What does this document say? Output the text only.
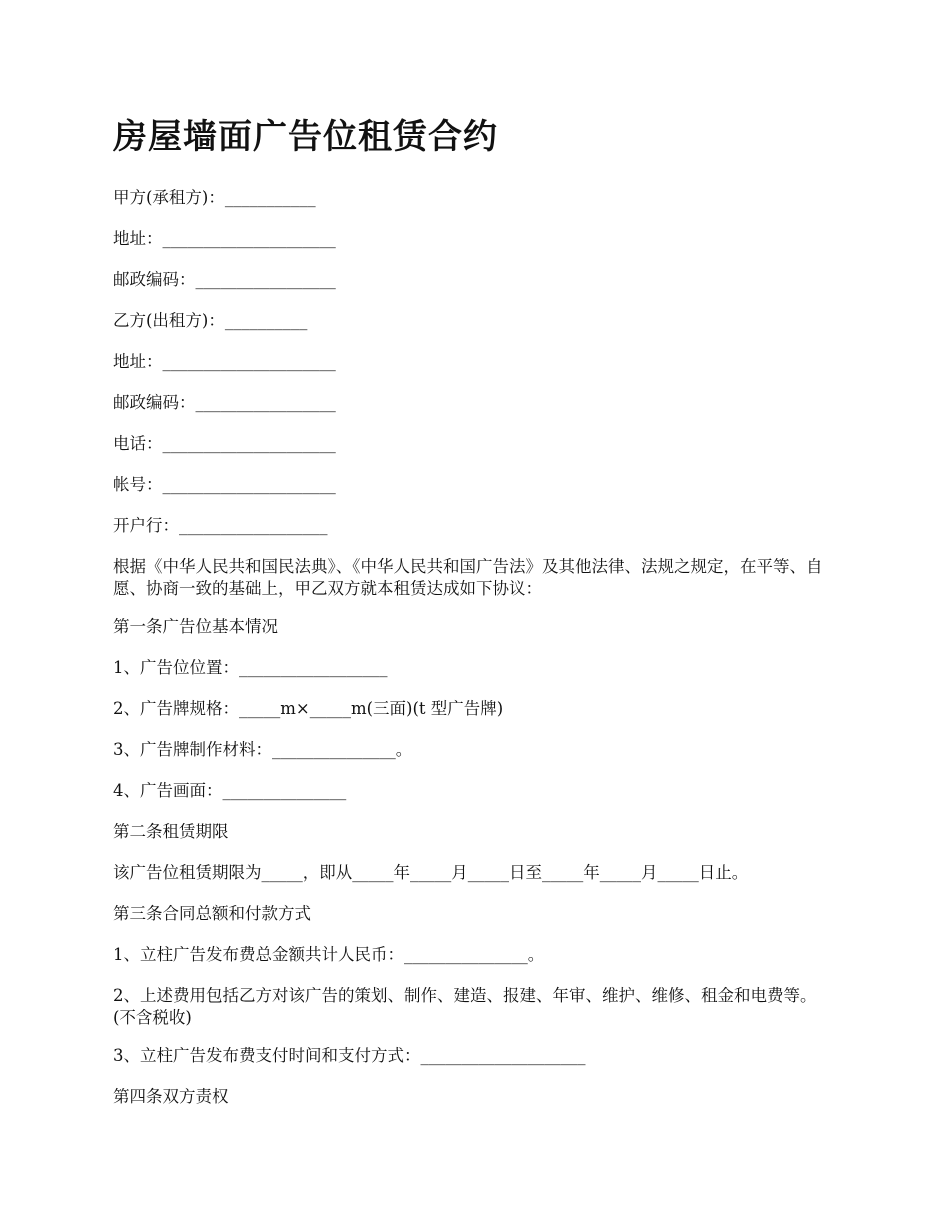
房屋墙面广告位租赁合约

甲方(承租方)：___________

地址：_____________________

邮政编码：_________________

乙方(出租方)：__________

地址：_____________________

邮政编码：_________________

电话：_____________________

帐号：_____________________

开户行：__________________

根据《中华人民共和国民法典》、《中华人民共和国广告法》及其他法律、法规之规定，在平等、自愿、协商一致的基础上，甲乙双方就本租赁达成如下协议：

第一条广告位基本情况

1、广告位位置：__________________

2、广告牌规格：_____m×_____m(三面)(t 型广告牌)

3、广告牌制作材料：_______________。

4、广告画面：_______________

第二条租赁期限

该广告位租赁期限为_____，即从_____年_____月_____日至_____年_____月_____日止。

第三条合同总额和付款方式

1、立柱广告发布费总金额共计人民币：_______________。

2、上述费用包括乙方对该广告的策划、制作、建造、报建、年审、维护、维修、租金和电费等。(不含税收)

3、立柱广告发布费支付时间和支付方式：____________________

第四条双方责权
